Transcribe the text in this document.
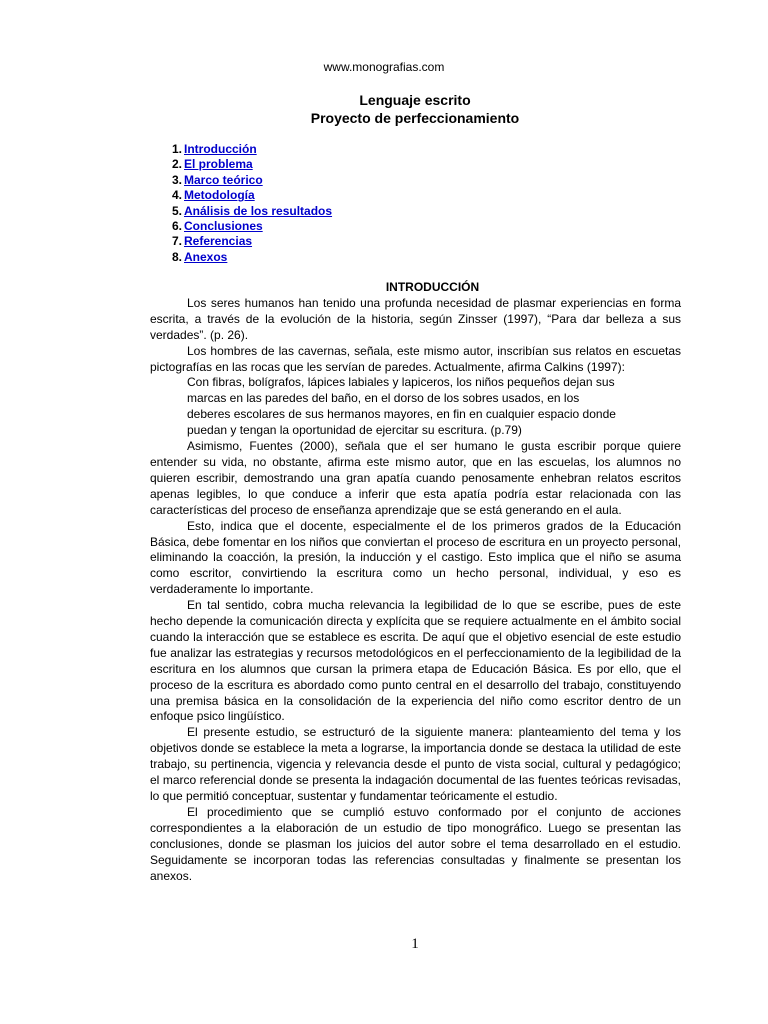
www.monografias.com
Lenguaje escrito
Proyecto de perfeccionamiento
1. Introducción
2. El problema
3. Marco teórico
4. Metodología
5. Análisis de los resultados
6. Conclusiones
7. Referencias
8. Anexos

INTRODUCCIÓN

Los seres humanos han tenido una profunda necesidad de plasmar experiencias en forma escrita, a través de la evolución de la historia, según Zinsser (1997), “Para dar belleza a sus verdades”. (p. 26).

Los hombres de las cavernas, señala, este mismo autor, inscribían sus relatos en escuetas pictografías en las rocas que les servían de paredes. Actualmente, afirma Calkins (1997):

Con fibras, bolígrafos, lápices labiales y lapiceros, los niños pequeños dejan sus marcas en las paredes del baño, en el dorso de los sobres usados, en los deberes escolares de sus hermanos mayores, en fin en cualquier espacio donde puedan y tengan la oportunidad de ejercitar su escritura. (p.79)

Asimismo, Fuentes (2000), señala que el ser humano le gusta escribir porque quiere entender su vida, no obstante, afirma este mismo autor, que en las escuelas, los alumnos no quieren escribir, demostrando una gran apatía cuando penosamente enhebran relatos escritos apenas legibles, lo que conduce a inferir que esta apatía podría estar relacionada con las características del proceso de enseñanza aprendizaje que se está generando en el aula.

Esto, indica que el docente, especialmente el de los primeros grados de la Educación Básica, debe fomentar en los niños que conviertan el proceso de escritura en un proyecto personal, eliminando la coacción, la presión, la inducción y el castigo. Esto implica que el niño se asuma como escritor, convirtiendo la escritura como un hecho personal, individual, y eso es verdaderamente lo importante.

En tal sentido, cobra mucha relevancia la legibilidad de lo que se escribe, pues de este hecho depende la comunicación directa y explícita que se requiere actualmente en el ámbito social cuando la interacción que se establece es escrita. De aquí que el objetivo esencial de este estudio fue analizar las estrategias y recursos metodológicos en el perfeccionamiento de la legibilidad de la escritura en los alumnos que cursan la primera etapa de Educación Básica. Es por ello, que el proceso de la escritura es abordado como punto central en el desarrollo del trabajo, constituyendo una premisa básica en la consolidación de la experiencia del niño como escritor dentro de un enfoque psico lingüístico.

El presente estudio, se estructuró de la siguiente manera: planteamiento del tema y los objetivos donde se establece la meta a lograrse, la importancia donde se destaca la utilidad de este trabajo, su pertinencia, vigencia y relevancia desde el punto de vista social, cultural y pedagógico; el marco referencial donde se presenta la indagación documental de las fuentes teóricas revisadas, lo que permitió conceptuar, sustentar y fundamentar teóricamente el estudio.

El procedimiento que se cumplió estuvo conformado por el conjunto de acciones correspondientes a la elaboración de un estudio de tipo monográfico. Luego se presentan las conclusiones, donde se plasman los juicios del autor sobre el tema desarrollado en el estudio. Seguidamente se incorporan todas las referencias consultadas y finalmente se presentan los anexos.

1
